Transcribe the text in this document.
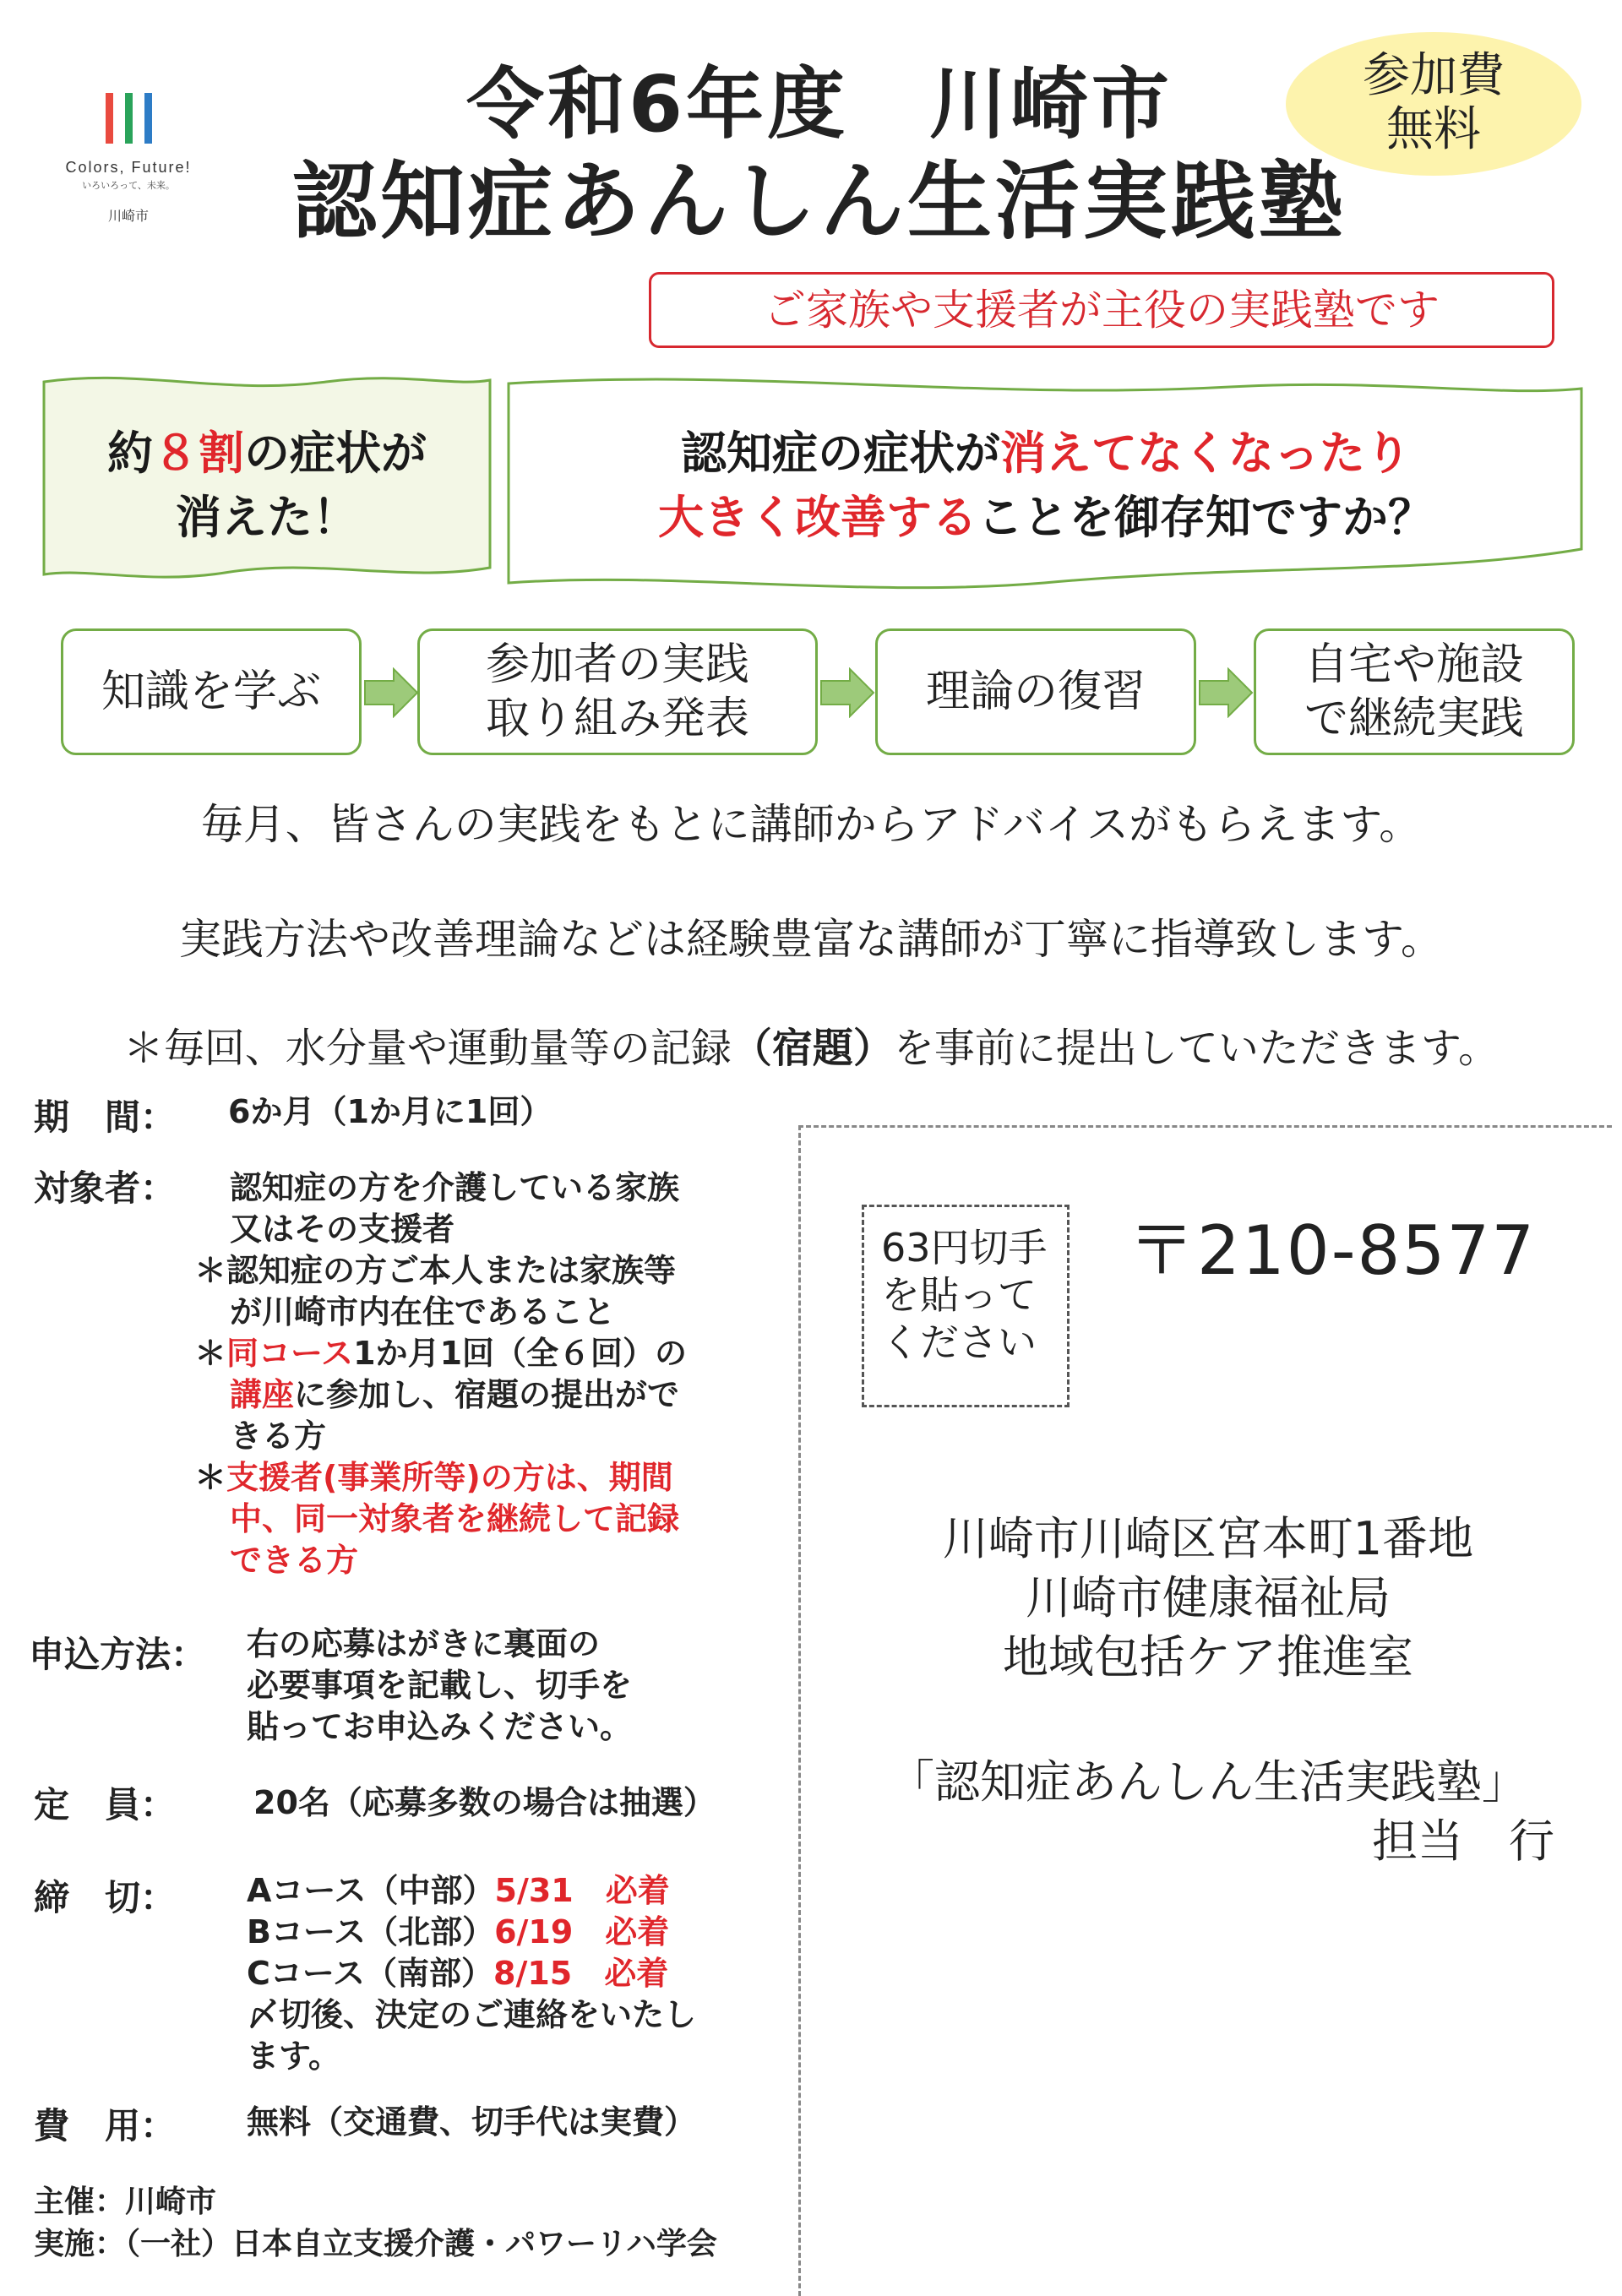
Colors, Future!
いろいろって、未来。
川崎市
令和6年度　川崎市
認知症あんしん生活実践塾
参加費
無料
ご家族や支援者が主役の実践塾です
約８割の症状が
消えた！
認知症の症状が消えてなくなったり
大きく改善することを御存知ですか？
知識を学ぶ
参加者の実践
取り組み発表
理論の復習
自宅や施設
で継続実践
毎月、皆さんの実践をもとに講師からアドバイスがもらえます。
実践方法や改善理論などは経験豊富な講師が丁寧に指導致します。
＊毎回、水分量や運動量等の記録（宿題）を事前に提出していただきます。
期　間： 6か月（1か月に1回）
対象者： 認知症の方を介護している家族
又はその支援者
＊認知症の方ご本人または家族等
が川崎市内在住であること
＊同コース1か月1回（全６回）の
講座に参加し、宿題の提出がで
きる方
＊支援者(事業所等)の方は、期間
中、同一対象者を継続して記録
できる方
申込方法： 右の応募はがきに裏面の
必要事項を記載し、切手を
貼ってお申込みください。
定　員： 20名（応募多数の場合は抽選）
締　切： Aコース（中部）5/31　必着
Bコース（北部）6/19　必着
Cコース（南部）8/15　必着
〆切後、決定のご連絡をいたし
ます。
費　用： 無料（交通費、切手代は実費）
主催：川崎市
実施：（一社）日本自立支援介護・パワーリハ学会
63円切手
を貼って
ください
〒210-8577
川崎市川崎区宮本町1番地
川崎市健康福祉局
地域包括ケア推進室
「認知症あんしん生活実践塾」
担当　行
